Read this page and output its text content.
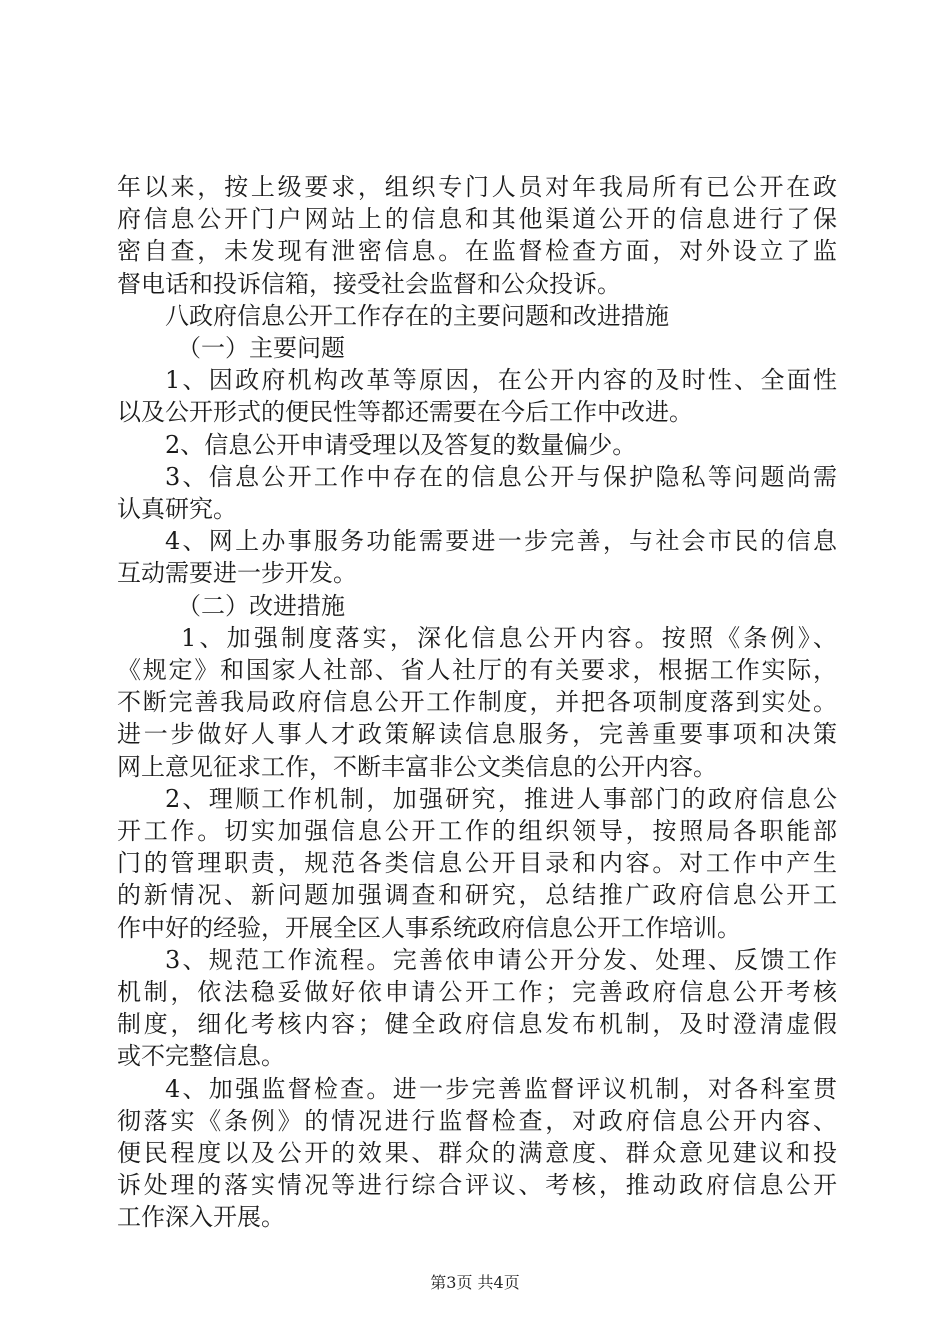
年以来，按上级要求，组织专门人员对年我局所有已公开在政
府信息公开门户网站上的信息和其他渠道公开的信息进行了保
密自查，未发现有泄密信息。在监督检查方面，对外设立了监
督电话和投诉信箱，接受社会监督和公众投诉。
八政府信息公开工作存在的主要问题和改进措施
（一）主要问题
1、因政府机构改革等原因，在公开内容的及时性、全面性
以及公开形式的便民性等都还需要在今后工作中改进。
2、信息公开申请受理以及答复的数量偏少。
3、信息公开工作中存在的信息公开与保护隐私等问题尚需
认真研究。
4、网上办事服务功能需要进一步完善，与社会市民的信息
互动需要进一步开发。
（二）改进措施
1、加强制度落实，深化信息公开内容。按照《条例》、
《规定》和国家人社部、省人社厅的有关要求，根据工作实际，
不断完善我局政府信息公开工作制度，并把各项制度落到实处。
进一步做好人事人才政策解读信息服务，完善重要事项和决策
网上意见征求工作，不断丰富非公文类信息的公开内容。
2、理顺工作机制，加强研究，推进人事部门的政府信息公
开工作。切实加强信息公开工作的组织领导，按照局各职能部
门的管理职责，规范各类信息公开目录和内容。对工作中产生
的新情况、新问题加强调查和研究，总结推广政府信息公开工
作中好的经验，开展全区人事系统政府信息公开工作培训。
3、规范工作流程。完善依申请公开分发、处理、反馈工作
机制，依法稳妥做好依申请公开工作；完善政府信息公开考核
制度，细化考核内容；健全政府信息发布机制，及时澄清虚假
或不完整信息。
4、加强监督检查。进一步完善监督评议机制，对各科室贯
彻落实《条例》的情况进行监督检查，对政府信息公开内容、
便民程度以及公开的效果、群众的满意度、群众意见建议和投
诉处理的落实情况等进行综合评议、考核，推动政府信息公开
工作深入开展。
第3页 共4页
